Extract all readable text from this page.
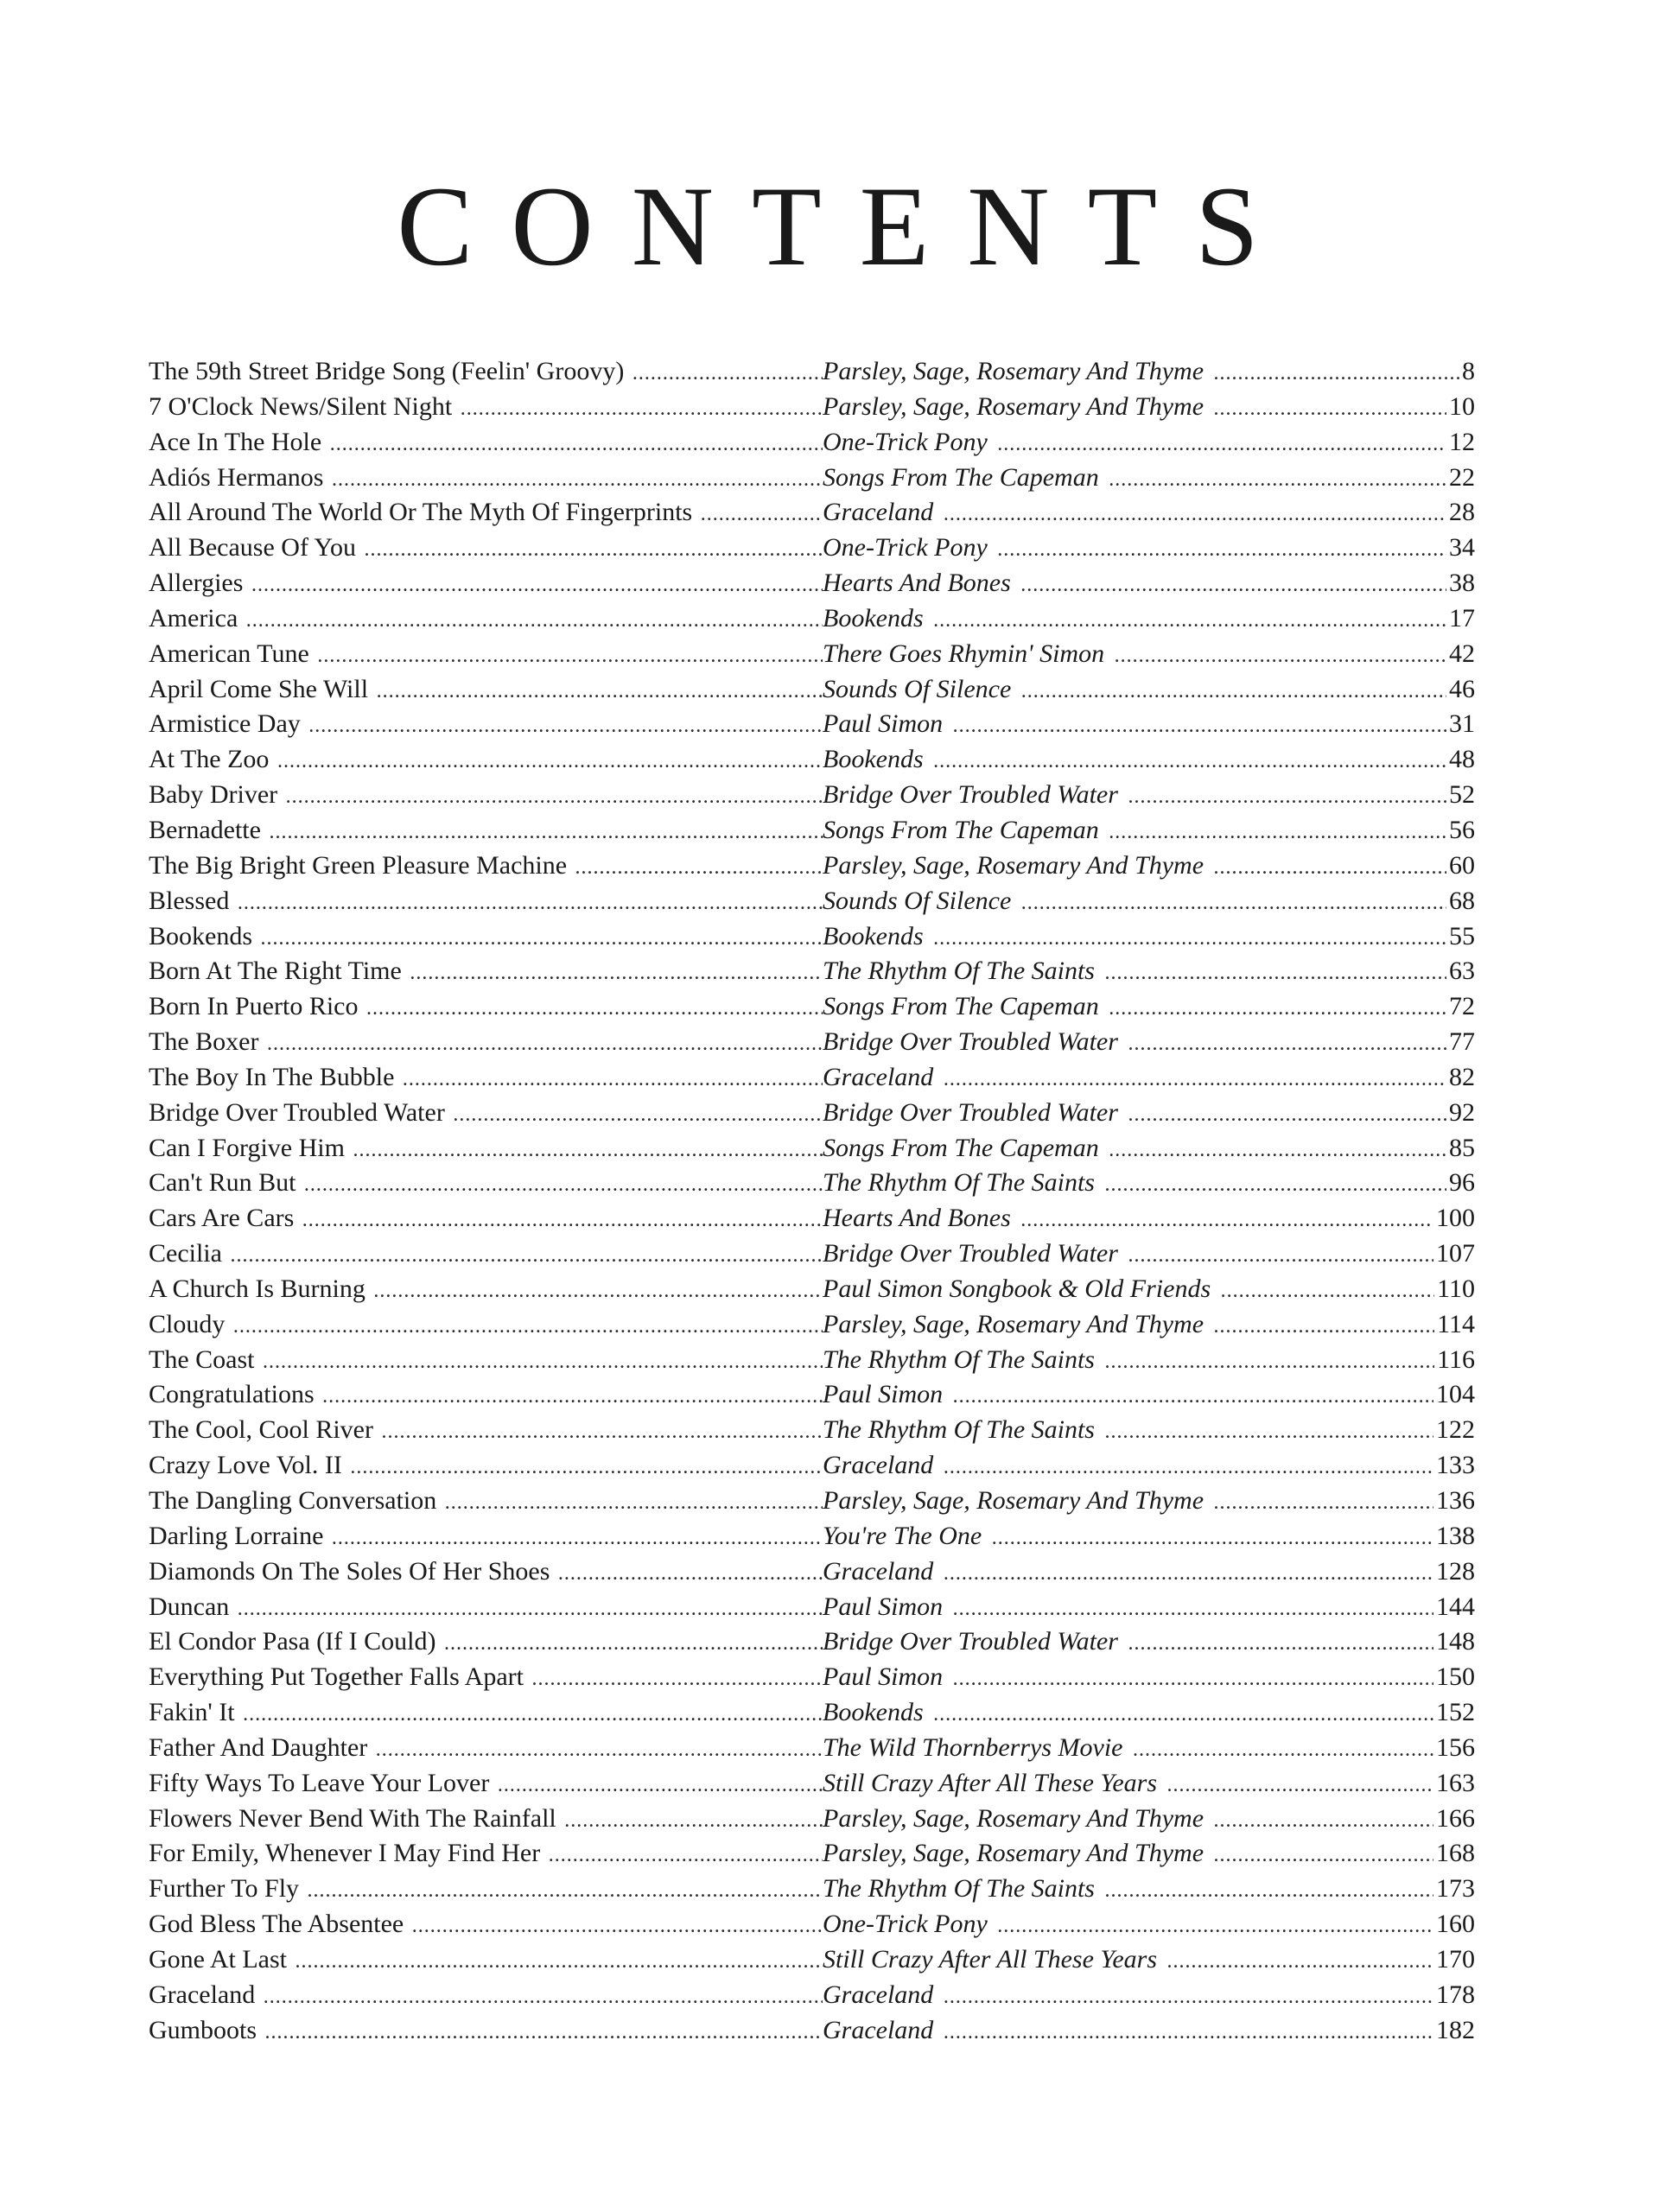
CONTENTS
The 59th Street Bridge Song (Feelin' Groovy) .....	Parsley, Sage, Rosemary And Thyme .....	8
7 O'Clock News/Silent Night .....	Parsley, Sage, Rosemary And Thyme .....	10
Ace In The Hole .....	One-Trick Pony .....	12
Adiós Hermanos .....	Songs From The Capeman .....	22
All Around The World Or The Myth Of Fingerprints .....	Graceland .....	28
All Because Of You .....	One-Trick Pony .....	34
Allergies .....	Hearts And Bones .....	38
America .....	Bookends .....	17
American Tune .....	There Goes Rhymin' Simon .....	42
April Come She Will .....	Sounds Of Silence .....	46
Armistice Day .....	Paul Simon .....	31
At The Zoo .....	Bookends .....	48
Baby Driver .....	Bridge Over Troubled Water .....	52
Bernadette .....	Songs From The Capeman .....	56
The Big Bright Green Pleasure Machine .....	Parsley, Sage, Rosemary And Thyme .....	60
Blessed .....	Sounds Of Silence .....	68
Bookends .....	Bookends .....	55
Born At The Right Time .....	The Rhythm Of The Saints .....	63
Born In Puerto Rico .....	Songs From The Capeman .....	72
The Boxer .....	Bridge Over Troubled Water .....	77
The Boy In The Bubble .....	Graceland .....	82
Bridge Over Troubled Water .....	Bridge Over Troubled Water .....	92
Can I Forgive Him .....	Songs From The Capeman .....	85
Can't Run But .....	The Rhythm Of The Saints .....	96
Cars Are Cars .....	Hearts And Bones .....	100
Cecilia .....	Bridge Over Troubled Water .....	107
A Church Is Burning .....	Paul Simon Songbook & Old Friends .....	110
Cloudy .....	Parsley, Sage, Rosemary And Thyme .....	114
The Coast .....	The Rhythm Of The Saints .....	116
Congratulations .....	Paul Simon .....	104
The Cool, Cool River .....	The Rhythm Of The Saints .....	122
Crazy Love Vol. II .....	Graceland .....	133
The Dangling Conversation .....	Parsley, Sage, Rosemary And Thyme .....	136
Darling Lorraine .....	You're The One .....	138
Diamonds On The Soles Of Her Shoes .....	Graceland .....	128
Duncan .....	Paul Simon .....	144
El Condor Pasa (If I Could) .....	Bridge Over Troubled Water .....	148
Everything Put Together Falls Apart .....	Paul Simon .....	150
Fakin' It .....	Bookends .....	152
Father And Daughter .....	The Wild Thornberrys Movie .....	156
Fifty Ways To Leave Your Lover .....	Still Crazy After All These Years .....	163
Flowers Never Bend With The Rainfall .....	Parsley, Sage, Rosemary And Thyme .....	166
For Emily, Whenever I May Find Her .....	Parsley, Sage, Rosemary And Thyme .....	168
Further To Fly .....	The Rhythm Of The Saints .....	173
God Bless The Absentee .....	One-Trick Pony .....	160
Gone At Last .....	Still Crazy After All These Years .....	170
Graceland .....	Graceland .....	178
Gumboots .....	Graceland .....	182
